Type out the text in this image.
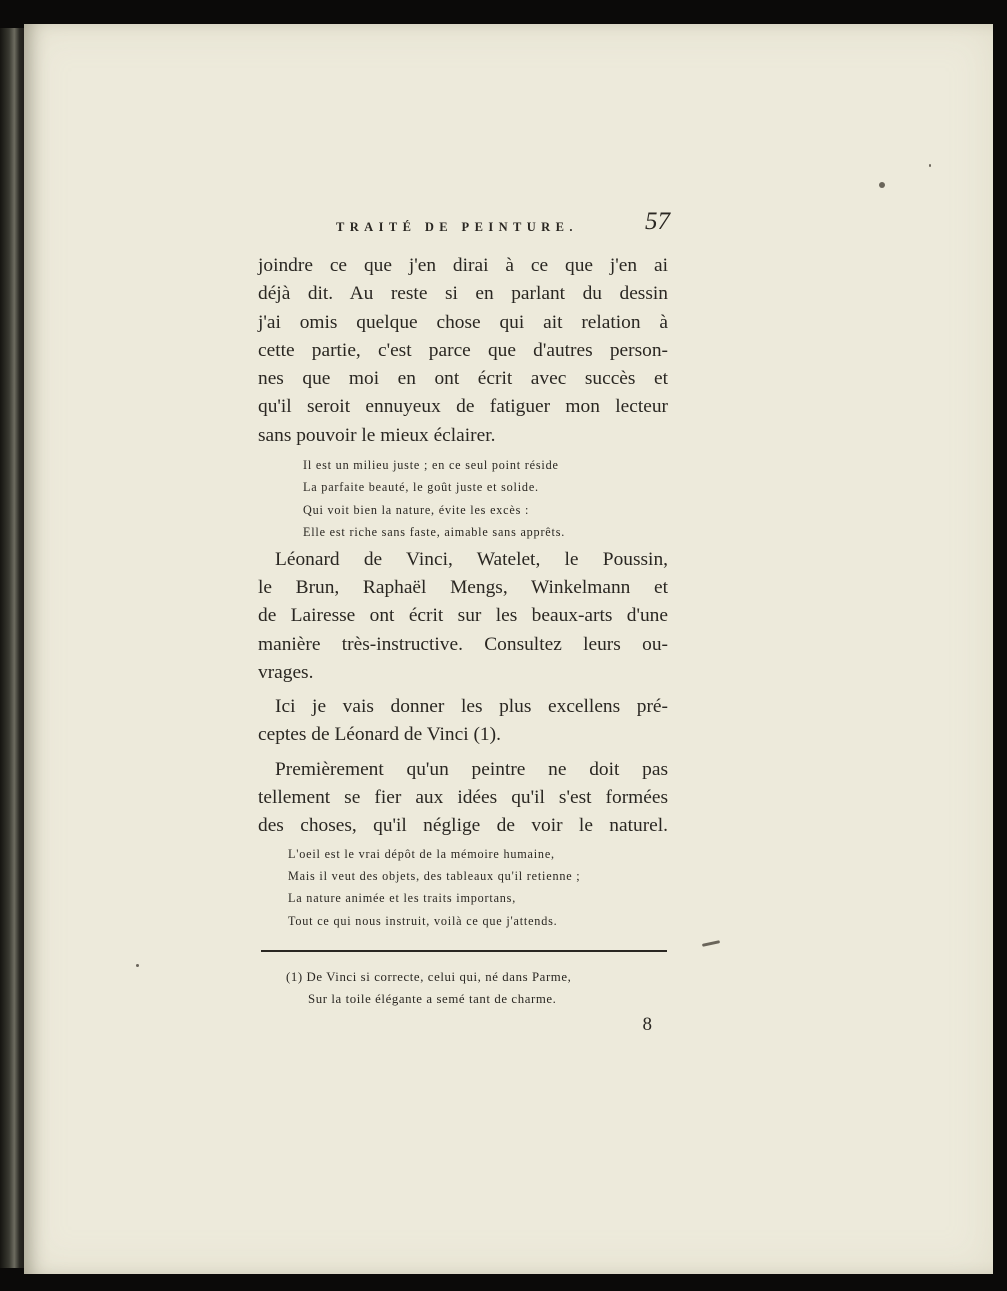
TRAITÉ DE PEINTURE.	57

joindre ce que j'en dirai à ce que j'en ai
déjà dit. Au reste si en parlant du dessin
j'ai omis quelque chose qui ait relation à
cette partie, c'est parce que d'autres person-
nes que moi en ont écrit avec succès et
qu'il seroit ennuyeux de fatiguer mon lecteur
sans pouvoir le mieux éclairer.

Il est un milieu juste ; en ce seul point réside
La parfaite beauté, le goût juste et solide.
Qui voit bien la nature, évite les excès :
Elle est riche sans faste, aimable sans apprêts.

Léonard de Vinci, Watelet, le Poussin,
le Brun, Raphaël Mengs, Winkelmann et
de Lairesse ont écrit sur les beaux-arts d'une
manière très-instructive. Consultez leurs ou-
vrages.

Ici je vais donner les plus excellens pré-
ceptes de Léonard de Vinci (1).

Premièrement qu'un peintre ne doit pas
tellement se fier aux idées qu'il s'est formées
des choses, qu'il néglige de voir le naturel.

L'oeil est le vrai dépôt de la mémoire humaine,
Mais il veut des objets, des tableaux qu'il retienne ;
La nature animée et les traits importans,
Tout ce qui nous instruit, voilà ce que j'attends.
(1) De Vinci si correcte, celui qui, né dans Parme,
Sur la toile élégante a semé tant de charme.
8
